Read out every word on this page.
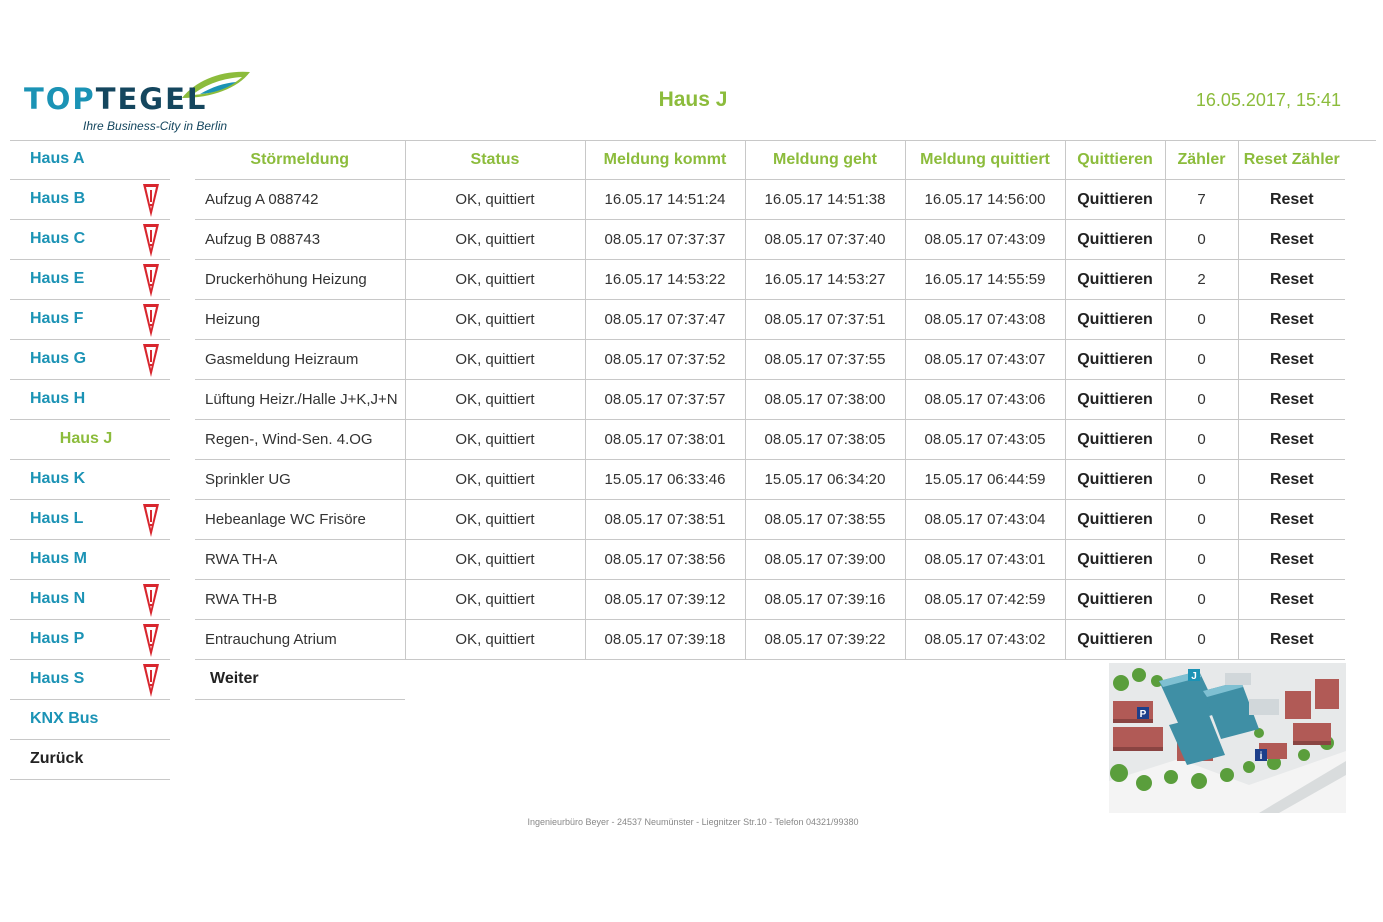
TOPTEGEL
Ihre Business-City in Berlin
Haus J	16.05.2017, 15:41
Haus A
Haus B
Haus C
Haus E
Haus F
Haus G
Haus H
Haus J
Haus K
Haus L
Haus M
Haus N
Haus P
Haus S
KNX Bus
Zurück
Störmeldung	Status	Meldung kommt	Meldung geht	Meldung quittiert	Quittieren	Zähler	Reset Zähler
Aufzug A 088742	OK, quittiert	16.05.17 14:51:24	16.05.17 14:51:38	16.05.17 14:56:00	Quittieren	7	Reset
Aufzug B 088743	OK, quittiert	08.05.17 07:37:37	08.05.17 07:37:40	08.05.17 07:43:09	Quittieren	0	Reset
Druckerhöhung Heizung	OK, quittiert	16.05.17 14:53:22	16.05.17 14:53:27	16.05.17 14:55:59	Quittieren	2	Reset
Heizung	OK, quittiert	08.05.17 07:37:47	08.05.17 07:37:51	08.05.17 07:43:08	Quittieren	0	Reset
Gasmeldung Heizraum	OK, quittiert	08.05.17 07:37:52	08.05.17 07:37:55	08.05.17 07:43:07	Quittieren	0	Reset
Lüftung Heizr./Halle J+K,J+N	OK, quittiert	08.05.17 07:37:57	08.05.17 07:38:00	08.05.17 07:43:06	Quittieren	0	Reset
Regen-, Wind-Sen. 4.OG	OK, quittiert	08.05.17 07:38:01	08.05.17 07:38:05	08.05.17 07:43:05	Quittieren	0	Reset
Sprinkler UG	OK, quittiert	15.05.17 06:33:46	15.05.17 06:34:20	15.05.17 06:44:59	Quittieren	0	Reset
Hebeanlage WC Frisöre	OK, quittiert	08.05.17 07:38:51	08.05.17 07:38:55	08.05.17 07:43:04	Quittieren	0	Reset
RWA TH-A	OK, quittiert	08.05.17 07:38:56	08.05.17 07:39:00	08.05.17 07:43:01	Quittieren	0	Reset
RWA TH-B	OK, quittiert	08.05.17 07:39:12	08.05.17 07:39:16	08.05.17 07:42:59	Quittieren	0	Reset
Entrauchung Atrium	OK, quittiert	08.05.17 07:39:18	08.05.17 07:39:22	08.05.17 07:43:02	Quittieren	0	Reset
Weiter	J
P
i
Ingenieurbüro Beyer - 24537 Neumünster - Liegnitzer Str.10 - Telefon 04321/99380
